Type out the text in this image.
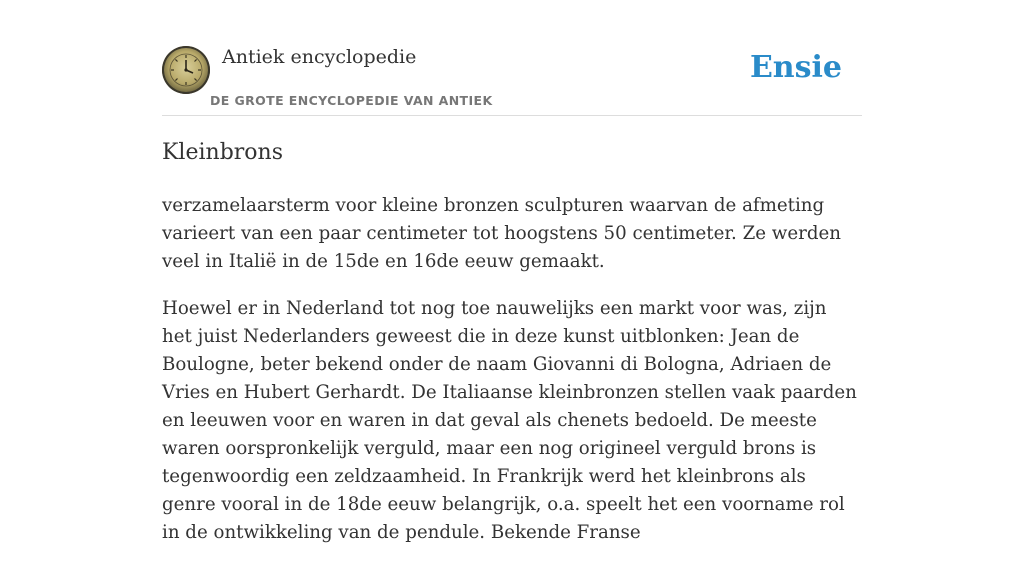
Antiek encyclopedie
DE GROTE ENCYCLOPEDIE VAN ANTIEK
Ensie
Kleinbrons

verzamelaarsterm voor kleine bronzen sculpturen waarvan de afmeting varieert van een paar centimeter tot hoogstens 50 centimeter. Ze werden veel in Italië in de 15de en 16de eeuw gemaakt.

Hoewel er in Nederland tot nog toe nauwelijks een markt voor was, zijn het juist Nederlanders geweest die in deze kunst uitblonken: Jean de Boulogne, beter bekend onder de naam Giovanni di Bologna, Adriaen de Vries en Hubert Gerhardt. De Italiaanse kleinbronzen stellen vaak paarden en leeuwen voor en waren in dat geval als chenets bedoeld. De meeste waren oorspronkelijk verguld, maar een nog origineel verguld brons is tegenwoordig een zeldzaamheid. In Frankrijk werd het kleinbrons als genre vooral in de 18de eeuw belangrijk, o.a. speelt het een voorname rol in de ontwikkeling van de pendule. Bekende Franse
